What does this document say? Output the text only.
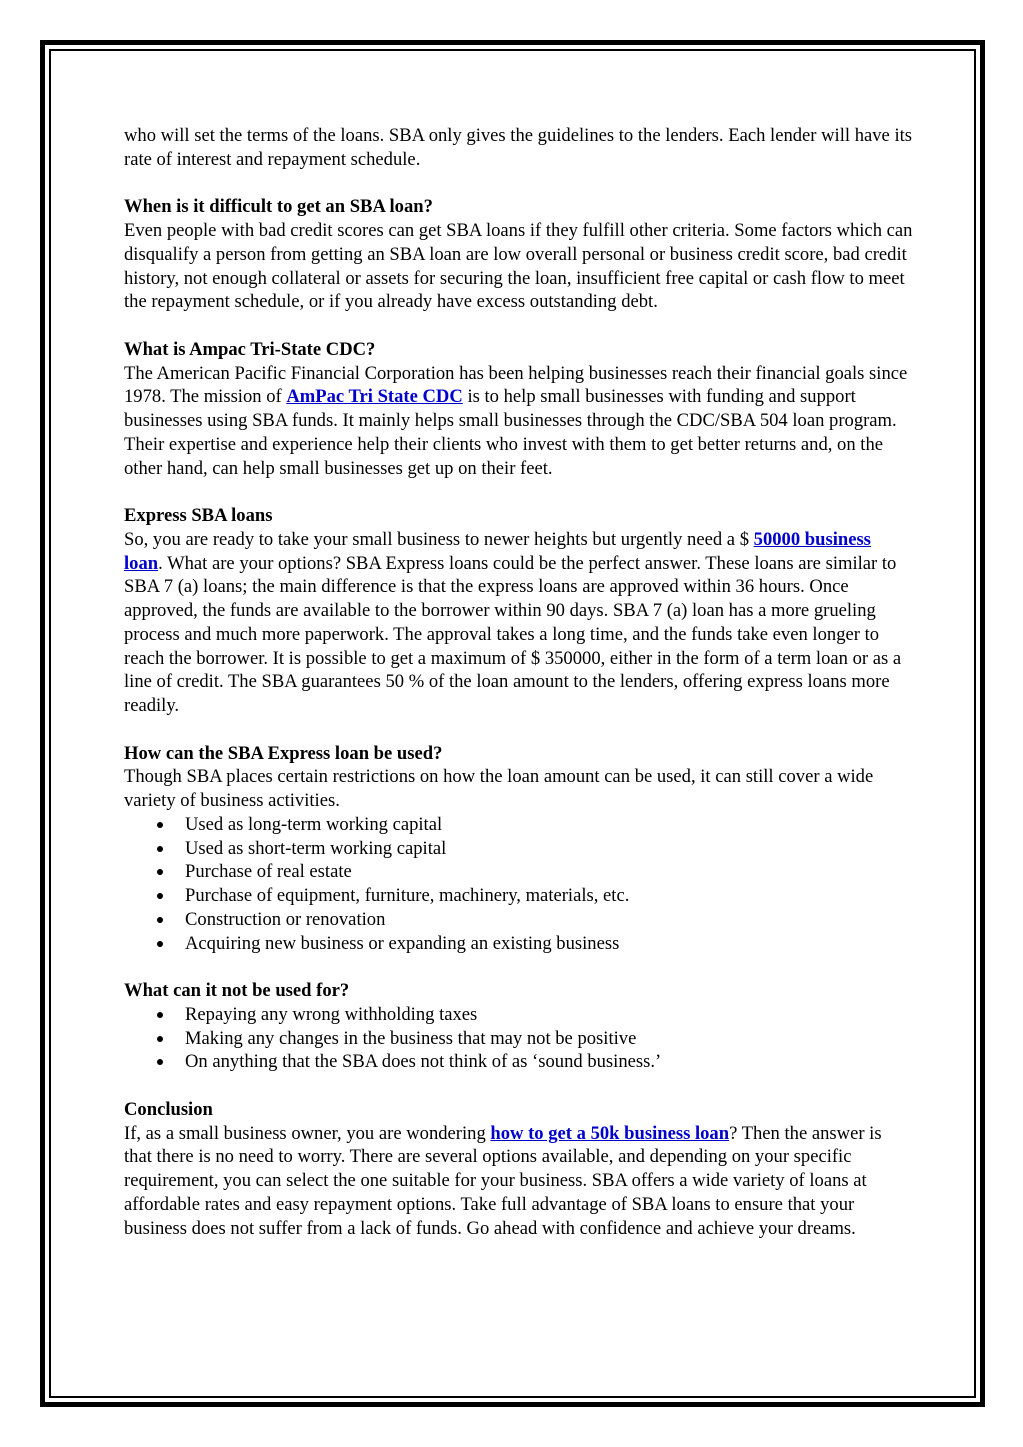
who will set the terms of the loans. SBA only gives the guidelines to the lenders. Each lender will have its rate of interest and repayment schedule.

When is it difficult to get an SBA loan?

Even people with bad credit scores can get SBA loans if they fulfill other criteria. Some factors which can disqualify a person from getting an SBA loan are low overall personal or business credit score, bad credit history, not enough collateral or assets for securing the loan, insufficient free capital or cash flow to meet the repayment schedule, or if you already have excess outstanding debt.

What is Ampac Tri-State CDC?

The American Pacific Financial Corporation has been helping businesses reach their financial goals since 1978. The mission of AmPac Tri State CDC is to help small businesses with funding and support businesses using SBA funds. It mainly helps small businesses through the CDC/SBA 504 loan program. Their expertise and experience help their clients who invest with them to get better returns and, on the other hand, can help small businesses get up on their feet.

Express SBA loans

So, you are ready to take your small business to newer heights but urgently need a $ 50000 business loan. What are your options? SBA Express loans could be the perfect answer. These loans are similar to SBA 7 (a) loans; the main difference is that the express loans are approved within 36 hours. Once approved, the funds are available to the borrower within 90 days. SBA 7 (a) loan has a more grueling process and much more paperwork. The approval takes a long time, and the funds take even longer to reach the borrower. It is possible to get a maximum of $ 350000, either in the form of a term loan or as a line of credit. The SBA guarantees 50 % of the loan amount to the lenders, offering express loans more readily.

How can the SBA Express loan be used?

Though SBA places certain restrictions on how the loan amount can be used, it can still cover a wide variety of business activities.

Used as long-term working capital
Used as short-term working capital
Purchase of real estate
Purchase of equipment, furniture, machinery, materials, etc.
Construction or renovation
Acquiring new business or expanding an existing business
What can it not be used for?
Repaying any wrong withholding taxes
Making any changes in the business that may not be positive
On anything that the SBA does not think of as ‘sound business.’
Conclusion

If, as a small business owner, you are wondering how to get a 50k business loan? Then the answer is that there is no need to worry. There are several options available, and depending on your specific requirement, you can select the one suitable for your business. SBA offers a wide variety of loans at affordable rates and easy repayment options. Take full advantage of SBA loans to ensure that your business does not suffer from a lack of funds. Go ahead with confidence and achieve your dreams.
